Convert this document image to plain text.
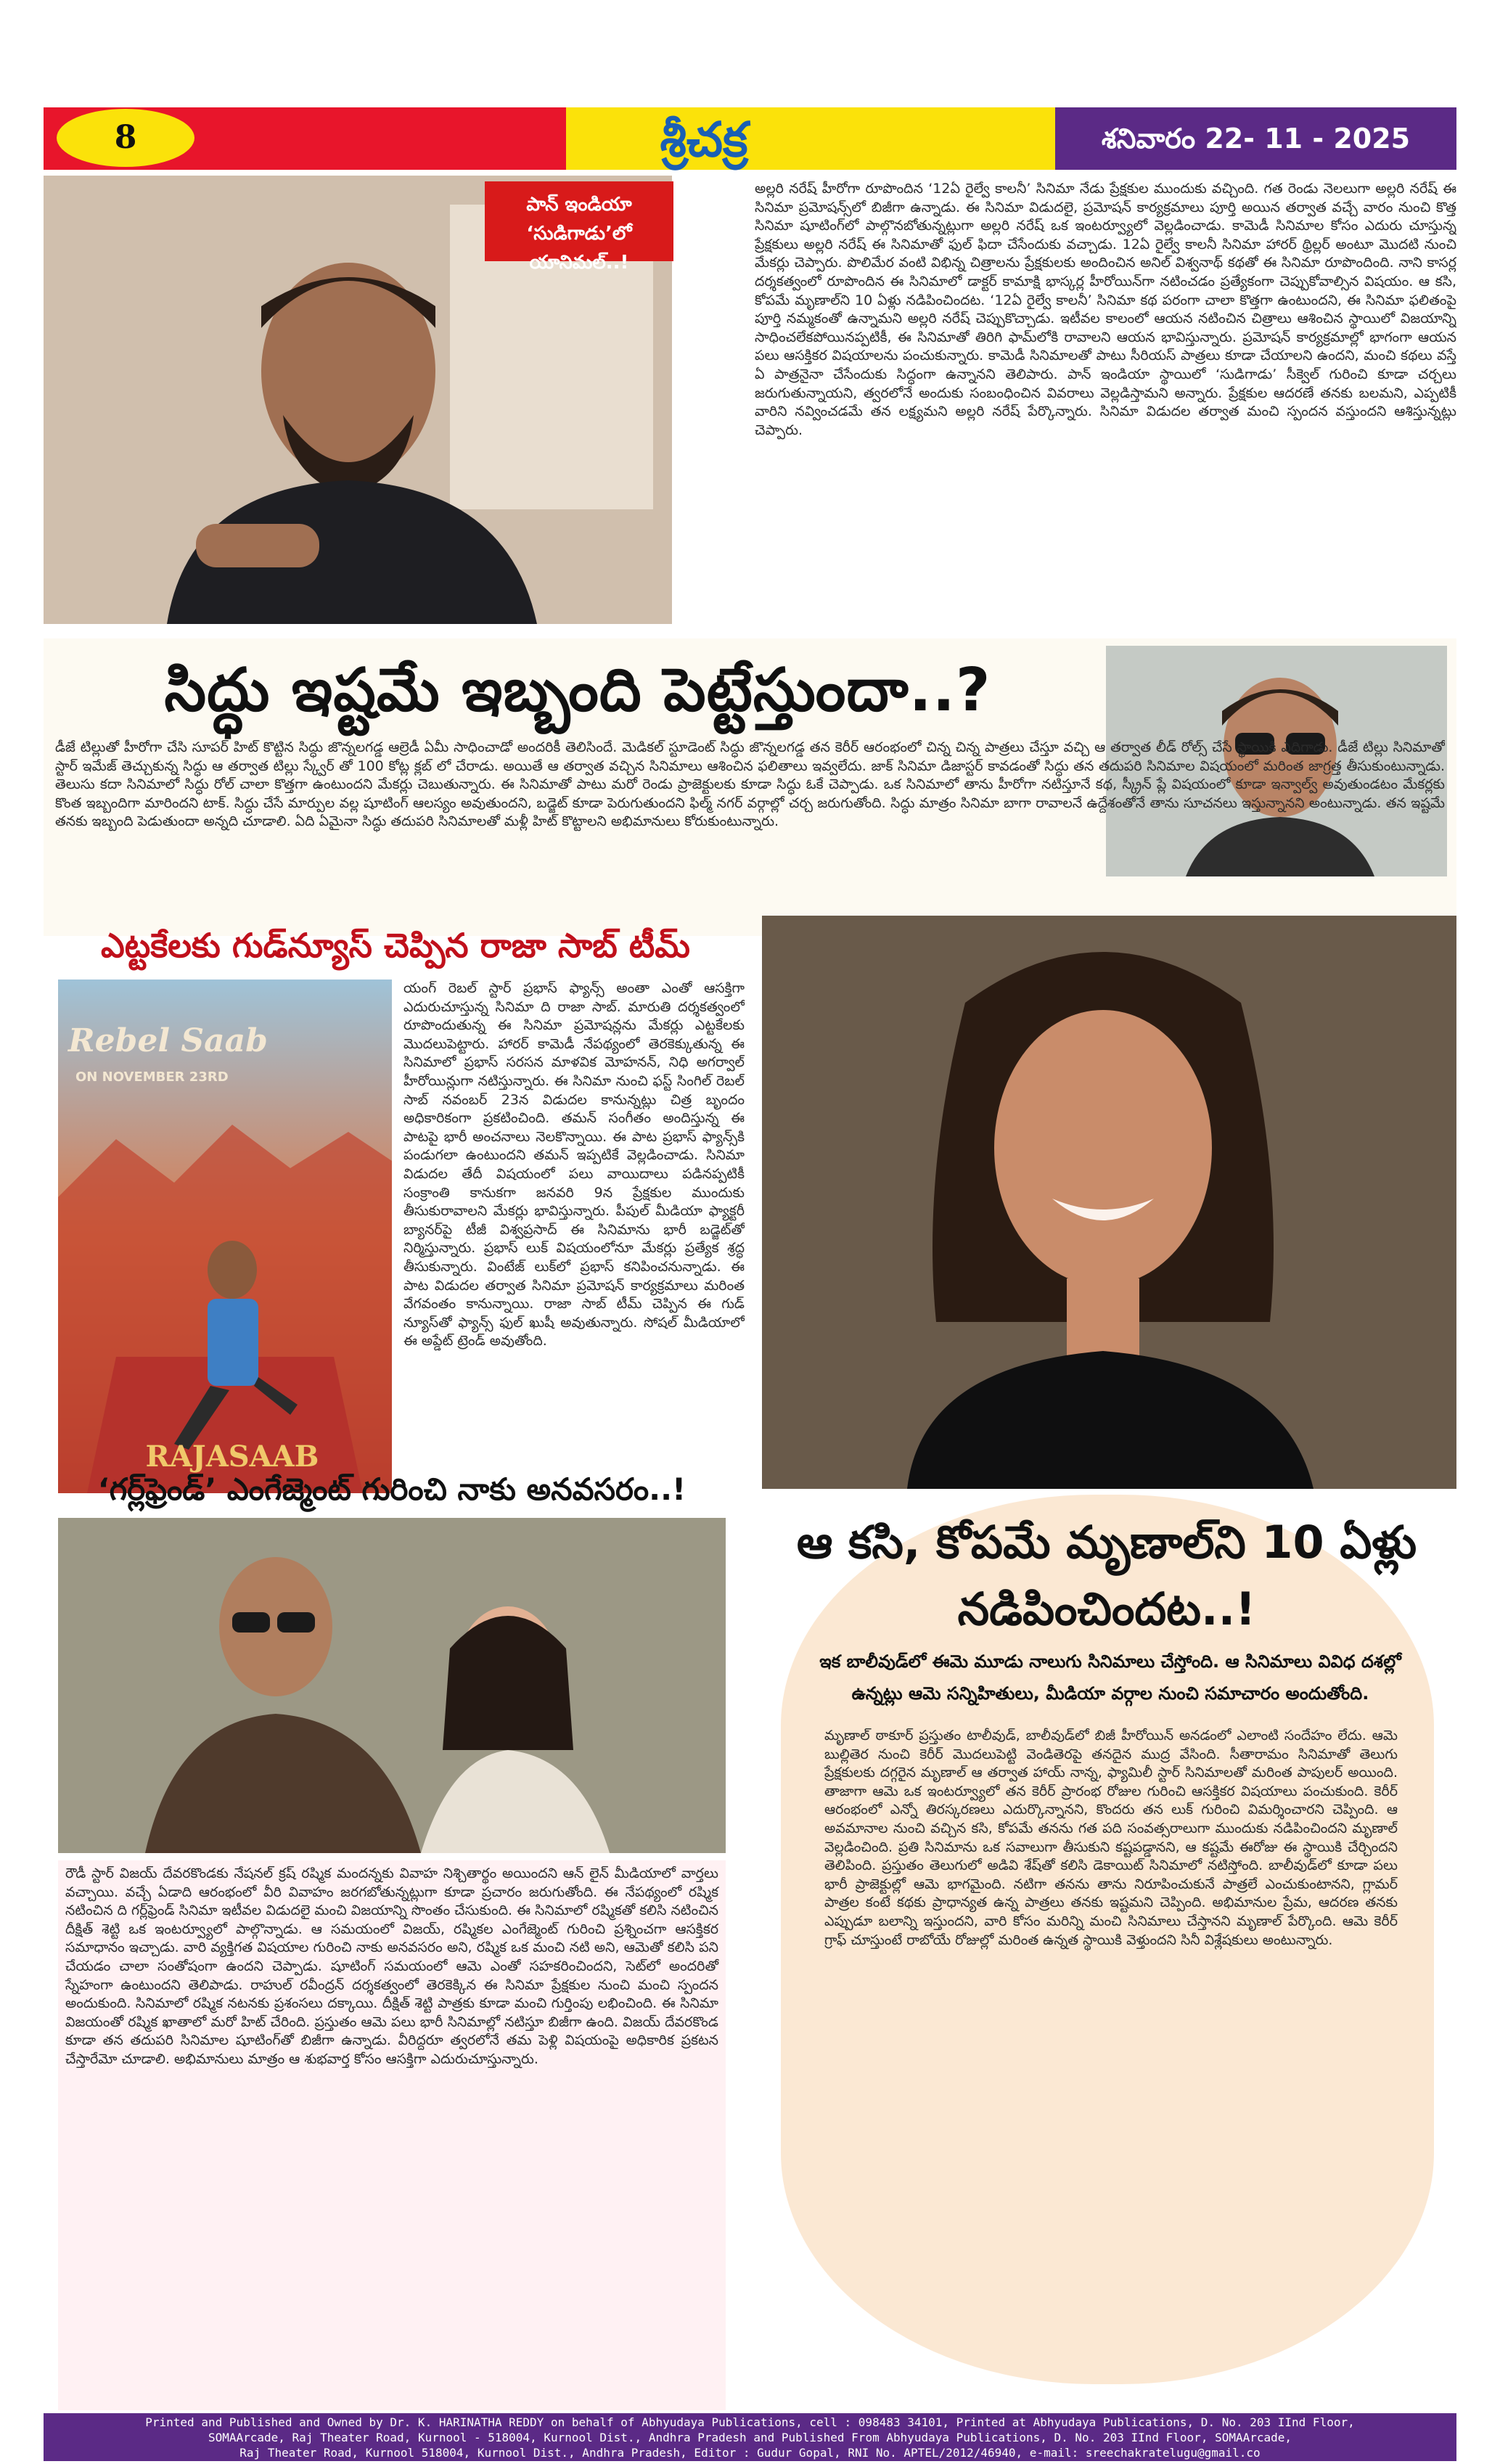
8	శ్రీచక్ర	శనివారం 22- 11 - 2025
పాన్ ఇండియా
‘సుడిగాడు’లో యానిమల్..!
అల్లరి నరేష్ హీరోగా రూపొందిన ‘12ఏ రైల్వే కాలనీ’ సినిమా నేడు ప్రేక్షకుల ముందుకు వచ్చింది. గత రెండు నెలలుగా అల్లరి నరేష్ ఈ సినిమా ప్రమోషన్స్‌లో బిజీగా ఉన్నాడు. ఈ సినిమా విడుదలై, ప్రమోషన్ కార్యక్రమాలు పూర్తి అయిన తర్వాత వచ్చే వారం నుంచి కొత్త సినిమా షూటింగ్‌లో పాల్గొనబోతున్నట్లుగా అల్లరి నరేష్ ఒక ఇంటర్వ్యూలో వెల్లడించాడు. కామెడీ సినిమాల కోసం ఎదురు చూస్తున్న ప్రేక్షకులు అల్లరి నరేష్ ఈ సినిమాతో ఫుల్ ఫిదా చేసేందుకు వచ్చాడు. 12ఏ రైల్వే కాలనీ సినిమా హారర్ థ్రిల్లర్ అంటూ మొదటి నుంచి మేకర్లు చెప్పారు. పొలిమేర వంటి విభిన్న చిత్రాలను ప్రేక్షకులకు అందించిన అనిల్ విశ్వనాథ్ కథతో ఈ సినిమా రూపొందింది. నాని కాసర్ల దర్శకత్వంలో రూపొందిన ఈ సినిమాలో డాక్టర్ కామాక్షి భాస్కర్ల హీరోయిన్‌గా నటించడం ప్రత్యేకంగా చెప్పుకోవాల్సిన విషయం. ఆ కసి, కోపమే మృణాల్‌ని 10 ఏళ్లు నడిపించిందట. ‘12ఏ రైల్వే కాలనీ’ సినిమా కథ పరంగా చాలా కొత్తగా ఉంటుందని, ఈ సినిమా ఫలితంపై పూర్తి నమ్మకంతో ఉన్నామని అల్లరి నరేష్ చెప్పుకొచ్చాడు. ఇటీవల కాలంలో ఆయన నటించిన చిత్రాలు ఆశించిన స్థాయిలో విజయాన్ని సాధించలేకపోయినప్పటికీ, ఈ సినిమాతో తిరిగి ఫామ్‌లోకి రావాలని ఆయన భావిస్తున్నారు. ప్రమోషన్ కార్యక్రమాల్లో భాగంగా ఆయన పలు ఆసక్తికర విషయాలను పంచుకున్నారు. కామెడీ సినిమాలతో పాటు సీరియస్ పాత్రలు కూడా చేయాలని ఉందని, మంచి కథలు వస్తే ఏ పాత్రనైనా చేసేందుకు సిద్ధంగా ఉన్నానని తెలిపారు. పాన్ ఇండియా స్థాయిలో ‘సుడిగాడు’ సీక్వెల్ గురించి కూడా చర్చలు జరుగుతున్నాయని, త్వరలోనే అందుకు సంబంధించిన వివరాలు వెల్లడిస్తామని అన్నారు. ప్రేక్షకుల ఆదరణే తనకు బలమని, ఎప్పటికీ వారిని నవ్వించడమే తన లక్ష్యమని అల్లరి నరేష్ పేర్కొన్నారు. సినిమా విడుదల తర్వాత మంచి స్పందన వస్తుందని ఆశిస్తున్నట్లు చెప్పారు.
సిద్ధు ఇష్టమే ఇబ్బంది పెట్టేస్తుందా..?
డీజే టిల్లుతో హీరోగా చేసి సూపర్ హిట్ కొట్టిన సిద్ధు జొన్నలగడ్డ ఆల్రెడీ ఏమీ సాధించాడో అందరికీ తెలిసిందే. మెడికల్ స్టూడెంట్ సిద్ధు జొన్నలగడ్డ తన కెరీర్ ఆరంభంలో చిన్న చిన్న పాత్రలు చేస్తూ వచ్చి ఆ తర్వాత లీడ్ రోల్స్ చేసే స్థాయికి ఎదిగాడు. డీజే టిల్లు సినిమాతో స్టార్ ఇమేజ్ తెచ్చుకున్న సిద్ధు ఆ తర్వాత టిల్లు స్క్వేర్ తో 100 కోట్ల క్లబ్ లో చేరాడు. అయితే ఆ తర్వాత వచ్చిన సినిమాలు ఆశించిన ఫలితాలు ఇవ్వలేదు. జాక్ సినిమా డిజాస్టర్ కావడంతో సిద్ధు తన తదుపరి సినిమాల విషయంలో మరింత జాగ్రత్త తీసుకుంటున్నాడు. తెలుసు కదా సినిమాలో సిద్ధు రోల్ చాలా కొత్తగా ఉంటుందని మేకర్లు చెబుతున్నారు. ఈ సినిమాతో పాటు మరో రెండు ప్రాజెక్టులకు కూడా సిద్ధు ఓకే చెప్పాడు. ఒక సినిమాలో తాను హీరోగా నటిస్తూనే కథ, స్క్రీన్ ప్లే విషయంలో కూడా ఇన్వాల్వ్ అవుతుండటం మేకర్లకు కొంత ఇబ్బందిగా మారిందని టాక్. సిద్ధు చేసే మార్పుల వల్ల షూటింగ్ ఆలస్యం అవుతుందని, బడ్జెట్ కూడా పెరుగుతుందని ఫిల్మ్ నగర్ వర్గాల్లో చర్చ జరుగుతోంది. సిద్ధు మాత్రం సినిమా బాగా రావాలనే ఉద్దేశంతోనే తాను సూచనలు ఇస్తున్నానని అంటున్నాడు. తన ఇష్టమే తనకు ఇబ్బంది పెడుతుందా అన్నది చూడాలి. ఏది ఏమైనా సిద్ధు తదుపరి సినిమాలతో మళ్లీ హిట్ కొట్టాలని అభిమానులు కోరుకుంటున్నారు.
ఎట్టకేలకు గుడ్‌న్యూస్ చెప్పిన రాజా సాబ్ టీమ్
Rebel Saab
ON NOVEMBER 23RD
RAJASAAB
యంగ్ రెబల్ స్టార్ ప్రభాస్ ఫ్యాన్స్ అంతా ఎంతో ఆసక్తిగా ఎదురుచూస్తున్న సినిమా ది రాజా సాబ్. మారుతి దర్శకత్వంలో రూపొందుతున్న ఈ సినిమా ప్రమోషన్లను మేకర్లు ఎట్టకేలకు మొదలుపెట్టారు. హారర్ కామెడీ నేపథ్యంలో తెరకెక్కుతున్న ఈ సినిమాలో ప్రభాస్ సరసన మాళవిక మోహనన్, నిధి అగర్వాల్ హీరోయిన్లుగా నటిస్తున్నారు. ఈ సినిమా నుంచి ఫస్ట్ సింగిల్ రెబల్ సాబ్ నవంబర్ 23న విడుదల కానున్నట్లు చిత్ర బృందం అధికారికంగా ప్రకటించింది. తమన్ సంగీతం అందిస్తున్న ఈ పాటపై భారీ అంచనాలు నెలకొన్నాయి. ఈ పాట ప్రభాస్ ఫ్యాన్స్‌కి పండుగలా ఉంటుందని తమన్ ఇప్పటికే వెల్లడించాడు. సినిమా విడుదల తేదీ విషయంలో పలు వాయిదాలు పడినప్పటికీ సంక్రాంతి కానుకగా జనవరి 9న ప్రేక్షకుల ముందుకు తీసుకురావాలని మేకర్లు భావిస్తున్నారు. పీపుల్ మీడియా ఫ్యాక్టరీ బ్యానర్‌పై టీజీ విశ్వప్రసాద్ ఈ సినిమాను భారీ బడ్జెట్‌తో నిర్మిస్తున్నారు. ప్రభాస్ లుక్ విషయంలోనూ మేకర్లు ప్రత్యేక శ్రద్ధ తీసుకున్నారు. వింటేజ్ లుక్‌లో ప్రభాస్ కనిపించనున్నాడు. ఈ పాట విడుదల తర్వాత సినిమా ప్రమోషన్ కార్యక్రమాలు మరింత వేగవంతం కానున్నాయి. రాజా సాబ్ టీమ్ చెప్పిన ఈ గుడ్ న్యూస్‌తో ఫ్యాన్స్ ఫుల్ ఖుషీ అవుతున్నారు. సోషల్ మీడియాలో ఈ అప్డేట్ ట్రెండ్ అవుతోంది.
‘గర్ల్‌ఫ్రెండ్’ ఎంగేజ్మెంట్ గురించి నాకు అనవసరం..!
రౌడీ స్టార్ విజయ్ దేవరకొండకు నేషనల్ క్రష్ రష్మిక మందన్నకు వివాహ నిశ్చితార్థం అయిందని ఆన్ లైన్ మీడియాలో వార్తలు వచ్చాయి. వచ్చే ఏడాది ఆరంభంలో వీరి వివాహం జరగబోతున్నట్లుగా కూడా ప్రచారం జరుగుతోంది. ఈ నేపథ్యంలో రష్మిక నటించిన ది గర్ల్‌ఫ్రెండ్ సినిమా ఇటీవల విడుదలై మంచి విజయాన్ని సొంతం చేసుకుంది. ఈ సినిమాలో రష్మికతో కలిసి నటించిన దీక్షిత్ శెట్టి ఒక ఇంటర్వ్యూలో పాల్గొన్నాడు. ఆ సమయంలో విజయ్, రష్మికల ఎంగేజ్మెంట్ గురించి ప్రశ్నించగా ఆసక్తికర సమాధానం ఇచ్చాడు. వారి వ్యక్తిగత విషయాల గురించి నాకు అనవసరం అని, రష్మిక ఒక మంచి నటి అని, ఆమెతో కలిసి పని చేయడం చాలా సంతోషంగా ఉందని చెప్పాడు. షూటింగ్ సమయంలో ఆమె ఎంతో సహకరించిందని, సెట్‌లో అందరితో స్నేహంగా ఉంటుందని తెలిపాడు. రాహుల్ రవీంద్రన్ దర్శకత్వంలో తెరకెక్కిన ఈ సినిమా ప్రేక్షకుల నుంచి మంచి స్పందన అందుకుంది. సినిమాలో రష్మిక నటనకు ప్రశంసలు దక్కాయి. దీక్షిత్ శెట్టి పాత్రకు కూడా మంచి గుర్తింపు లభించింది. ఈ సినిమా విజయంతో రష్మిక ఖాతాలో మరో హిట్ చేరింది. ప్రస్తుతం ఆమె పలు భారీ సినిమాల్లో నటిస్తూ బిజీగా ఉంది. విజయ్ దేవరకొండ కూడా తన తదుపరి సినిమాల షూటింగ్‌తో బిజీగా ఉన్నాడు. వీరిద్దరూ త్వరలోనే తమ పెళ్లి విషయంపై అధికారిక ప్రకటన చేస్తారేమో చూడాలి. అభిమానులు మాత్రం ఆ శుభవార్త కోసం ఆసక్తిగా ఎదురుచూస్తున్నారు.
ఆ కసి, కోపమే మృణాల్‌ని 10 ఏళ్లు నడిపించిందట..!
ఇక బాలీవుడ్‌లో ఈమె మూడు నాలుగు సినిమాలు చేస్తోంది. ఆ సినిమాలు వివిధ దశల్లో ఉన్నట్లు ఆమె సన్నిహితులు, మీడియా వర్గాల నుంచి సమాచారం అందుతోంది.
మృణాల్ ఠాకూర్ ప్రస్తుతం టాలీవుడ్, బాలీవుడ్‌లో బిజీ హీరోయిన్ అనడంలో ఎలాంటి సందేహం లేదు. ఆమె బుల్లితెర నుంచి కెరీర్ మొదలుపెట్టి వెండితెరపై తనదైన ముద్ర వేసింది. సీతారామం సినిమాతో తెలుగు ప్రేక్షకులకు దగ్గరైన మృణాల్ ఆ తర్వాత హాయ్ నాన్న, ఫ్యామిలీ స్టార్ సినిమాలతో మరింత పాపులర్ అయింది. తాజాగా ఆమె ఒక ఇంటర్వ్యూలో తన కెరీర్ ప్రారంభ రోజుల గురించి ఆసక్తికర విషయాలు పంచుకుంది. కెరీర్ ఆరంభంలో ఎన్నో తిరస్కరణలు ఎదుర్కొన్నానని, కొందరు తన లుక్ గురించి విమర్శించారని చెప్పింది. ఆ అవమానాల నుంచి వచ్చిన కసి, కోపమే తనను గత పది సంవత్సరాలుగా ముందుకు నడిపించిందని మృణాల్ వెల్లడించింది. ప్రతి సినిమాను ఒక సవాలుగా తీసుకుని కష్టపడ్డానని, ఆ కష్టమే ఈరోజు ఈ స్థాయికి చేర్చిందని తెలిపింది. ప్రస్తుతం తెలుగులో అడివి శేష్‌తో కలిసి డెకాయిట్ సినిమాలో నటిస్తోంది. బాలీవుడ్‌లో కూడా పలు భారీ ప్రాజెక్టుల్లో ఆమె భాగమైంది. నటిగా తనను తాను నిరూపించుకునే పాత్రలే ఎంచుకుంటానని, గ్లామర్ పాత్రల కంటే కథకు ప్రాధాన్యత ఉన్న పాత్రలు తనకు ఇష్టమని చెప్పింది. అభిమానుల ప్రేమ, ఆదరణ తనకు ఎప్పుడూ బలాన్ని ఇస్తుందని, వారి కోసం మరిన్ని మంచి సినిమాలు చేస్తానని మృణాల్ పేర్కొంది. ఆమె కెరీర్ గ్రాఫ్ చూస్తుంటే రాబోయే రోజుల్లో మరింత ఉన్నత స్థాయికి వెళ్తుందని సినీ విశ్లేషకులు అంటున్నారు.
Printed and Published and Owned by Dr. K. HARINATHA REDDY on behalf of Abhyudaya Publications, cell : 098483 34101, Printed at Abhyudaya Publications, D. No. 203 IInd Floor,
SOMAArcade, Raj Theater Road, Kurnool - 518004, Kurnool Dist., Andhra Pradesh and Published From Abhyudaya Publications, D. No. 203 IInd Floor, SOMAArcade,
Raj Theater Road, Kurnool 518004, Kurnool Dist., Andhra Pradesh, Editor : Gudur Gopal, RNI No. APTEL/2012/46940, e-mail: sreechakratelugu@gmail.co
